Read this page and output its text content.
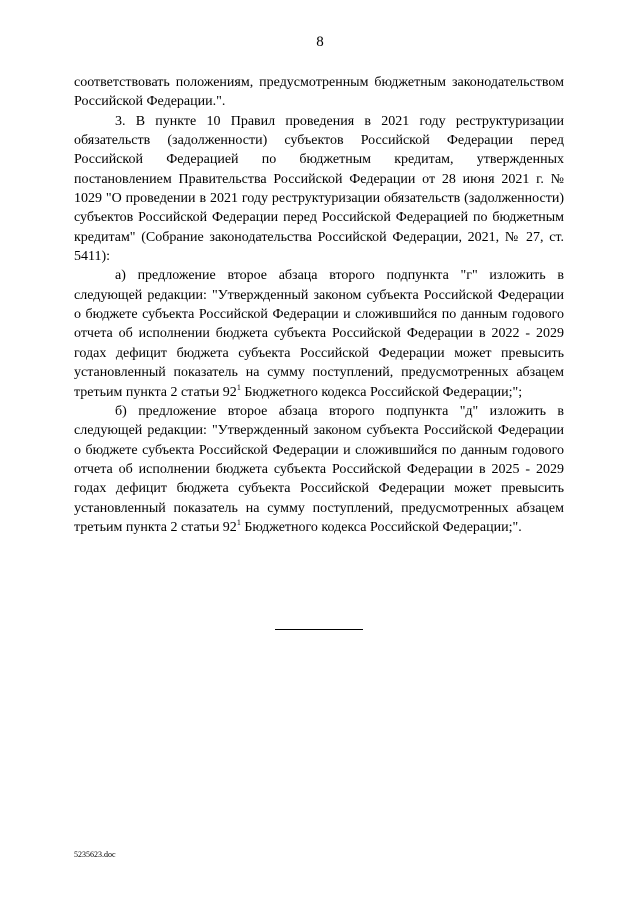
8

соответствовать положениям, предусмотренным бюджетным законодательством Российской Федерации.".

3. В пункте 10 Правил проведения в 2021 году реструктуризации обязательств (задолженности) субъектов Российской Федерации перед Российской Федерацией по бюджетным кредитам, утвержденных постановлением Правительства Российской Федерации от 28 июня 2021 г. № 1029 "О проведении в 2021 году реструктуризации обязательств (задолженности) субъектов Российской Федерации перед Российской Федерацией по бюджетным кредитам" (Собрание законодательства Российской Федерации, 2021, № 27, ст. 5411):

а) предложение второе абзаца второго подпункта "г" изложить в следующей редакции: "Утвержденный законом субъекта Российской Федерации о бюджете субъекта Российской Федерации и сложившийся по данным годового отчета об исполнении бюджета субъекта Российской Федерации в 2022 - 2029 годах дефицит бюджета субъекта Российской Федерации может превысить установленный показатель на сумму поступлений, предусмотренных абзацем третьим пункта 2 статьи $92^1$ Бюджетного кодекса Российской Федерации;";

б) предложение второе абзаца второго подпункта "д" изложить в следующей редакции: "Утвержденный законом субъекта Российской Федерации о бюджете субъекта Российской Федерации и сложившийся по данным годового отчета об исполнении бюджета субъекта Российской Федерации в 2025 - 2029 годах дефицит бюджета субъекта Российской Федерации может превысить установленный показатель на сумму поступлений, предусмотренных абзацем третьим пункта 2 статьи $92^1$ Бюджетного кодекса Российской Федерации;".

5235623.doc
